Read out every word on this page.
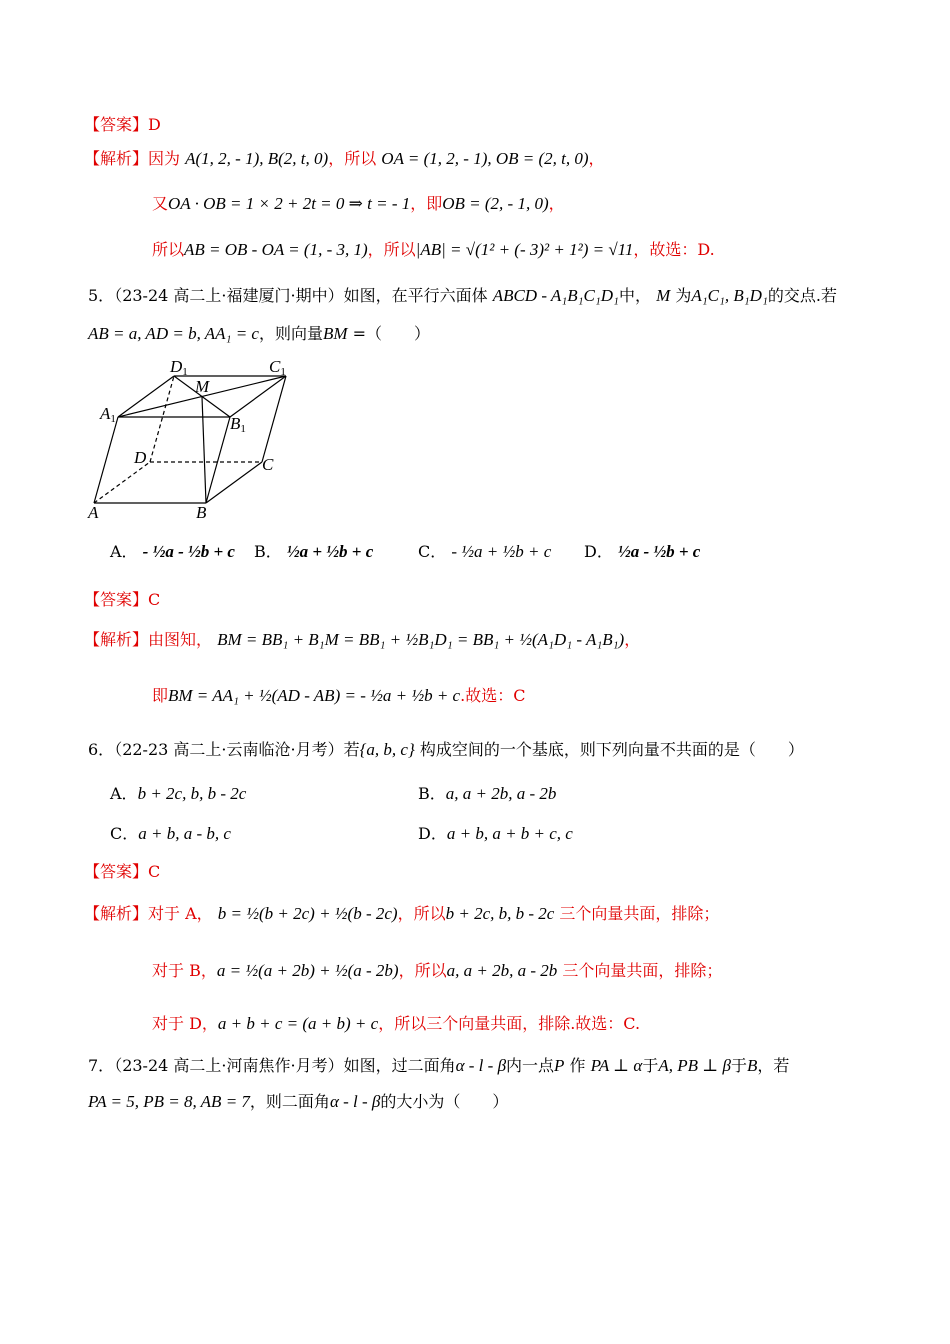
【答案】D
【解析】因为 A(1, 2, - 1), B(2, t, 0)，所以 OA = (1, 2, - 1), OB = (2, t, 0)，
又OA · OB = 1 × 2 + 2t = 0 ⇒ t = - 1，即OB = (2, - 1, 0)，
所以AB = OB - OA = (1, - 3, 1)，所以|AB| = √(1² + (- 3)² + 1²) = √11，故选：D.
5．（23-24 高二上·福建厦门·期中）如图，在平行六面体 ABCD - A₁B₁C₁D₁中， M 为A₁C₁, B₁D₁的交点.若
AB = a, AD = b, AA₁ = c，则向量BM =（　　）
D1	C1
M
A1	B1
D	C
A	B
A． - ½a - ½b + c B． ½a + ½b + c	C． - ½a + ½b + c D． ½a - ½b + c
【答案】C
【解析】由图知， BM = BB₁ + B₁M = BB₁ + ½B₁D₁ = BB₁ + ½(A₁D₁ - A₁B₁)，
即BM = AA₁ + ½(AD - AB) = - ½a + ½b + c.故选：C
6．（22-23 高二上·云南临沧·月考）若{a, b, c} 构成空间的一个基底，则下列向量不共面的是（　　）
A．b + 2c, b, b - 2c	B．a, a + 2b, a - 2b
C．a + b, a - b, c	D．a + b, a + b + c, c
【答案】C
【解析】对于 A， b = ½(b + 2c) + ½(b - 2c)，所以b + 2c, b, b - 2c 三个向量共面，排除；
对于 B，a = ½(a + 2b) + ½(a - 2b)，所以a, a + 2b, a - 2b 三个向量共面，排除；
对于 D，a + b + c = (a + b) + c，所以三个向量共面，排除.故选：C.
7．（23-24 高二上·河南焦作·月考）如图，过二面角α - l - β内一点P 作 PA ⊥ α于A, PB ⊥ β于B，若
PA = 5, PB = 8, AB = 7，则二面角α - l - β的大小为（　　）
